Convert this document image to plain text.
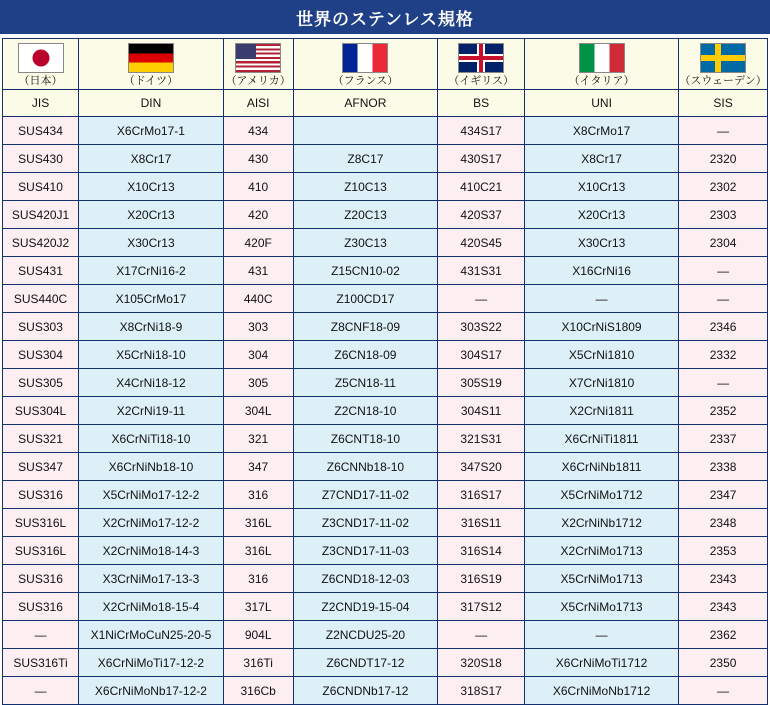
世界のステンレス規格
（日本）	（ドイツ）	（アメリカ）	（フランス）	（イギリス）	（イタリア）	（スウェーデン）

JIS	DIN	AISI	AFNOR	BS	UNI	SIS
SUS434	X6CrMo17-1	434		434S17	X8CrMo17	—
SUS430	X8Cr17	430	Z8C17	430S17	X8Cr17	2320
SUS410	X10Cr13	410	Z10C13	410C21	X10Cr13	2302
SUS420J1	X20Cr13	420	Z20C13	420S37	X20Cr13	2303
SUS420J2	X30Cr13	420F	Z30C13	420S45	X30Cr13	2304
SUS431	X17CrNi16-2	431	Z15CN10-02	431S31	X16CrNi16	—
SUS440C	X105CrMo17	440C	Z100CD17	—	—	—
SUS303	X8CrNi18-9	303	Z8CNF18-09	303S22	X10CrNiS1809	2346
SUS304	X5CrNi18-10	304	Z6CN18-09	304S17	X5CrNi1810	2332
SUS305	X4CrNi18-12	305	Z5CN18-11	305S19	X7CrNi1810	—
SUS304L	X2CrNi19-11	304L	Z2CN18-10	304S11	X2CrNi1811	2352
SUS321	X6CrNiTi18-10	321	Z6CNT18-10	321S31	X6CrNiTi1811	2337
SUS347	X6CrNiNb18-10	347	Z6CNNb18-10	347S20	X6CrNiNb1811	2338
SUS316	X5CrNiMo17-12-2	316	Z7CND17-11-02	316S17	X5CrNiMo1712	2347
SUS316L	X2CrNiMo17-12-2	316L	Z3CND17-11-02	316S11	X2CrNiNb1712	2348
SUS316L	X2CrNiMo18-14-3	316L	Z3CND17-11-03	316S14	X2CrNiMo1713	2353
SUS316	X3CrNiMo17-13-3	316	Z6CND18-12-03	316S19	X5CrNiMo1713	2343
SUS316	X2CrNiMo18-15-4	317L	Z2CND19-15-04	317S12	X5CrNiMo1713	2343
—	X1NiCrMoCuN25-20-5	904L	Z2NCDU25-20	—	—	2362
SUS316Ti	X6CrNiMoTi17-12-2	316Ti	Z6CNDT17-12	320S18	X6CrNiMoTi1712	2350
—	X6CrNiMoNb17-12-2	316Cb	Z6CNDNb17-12	318S17	X6CrNiMoNb1712	—
